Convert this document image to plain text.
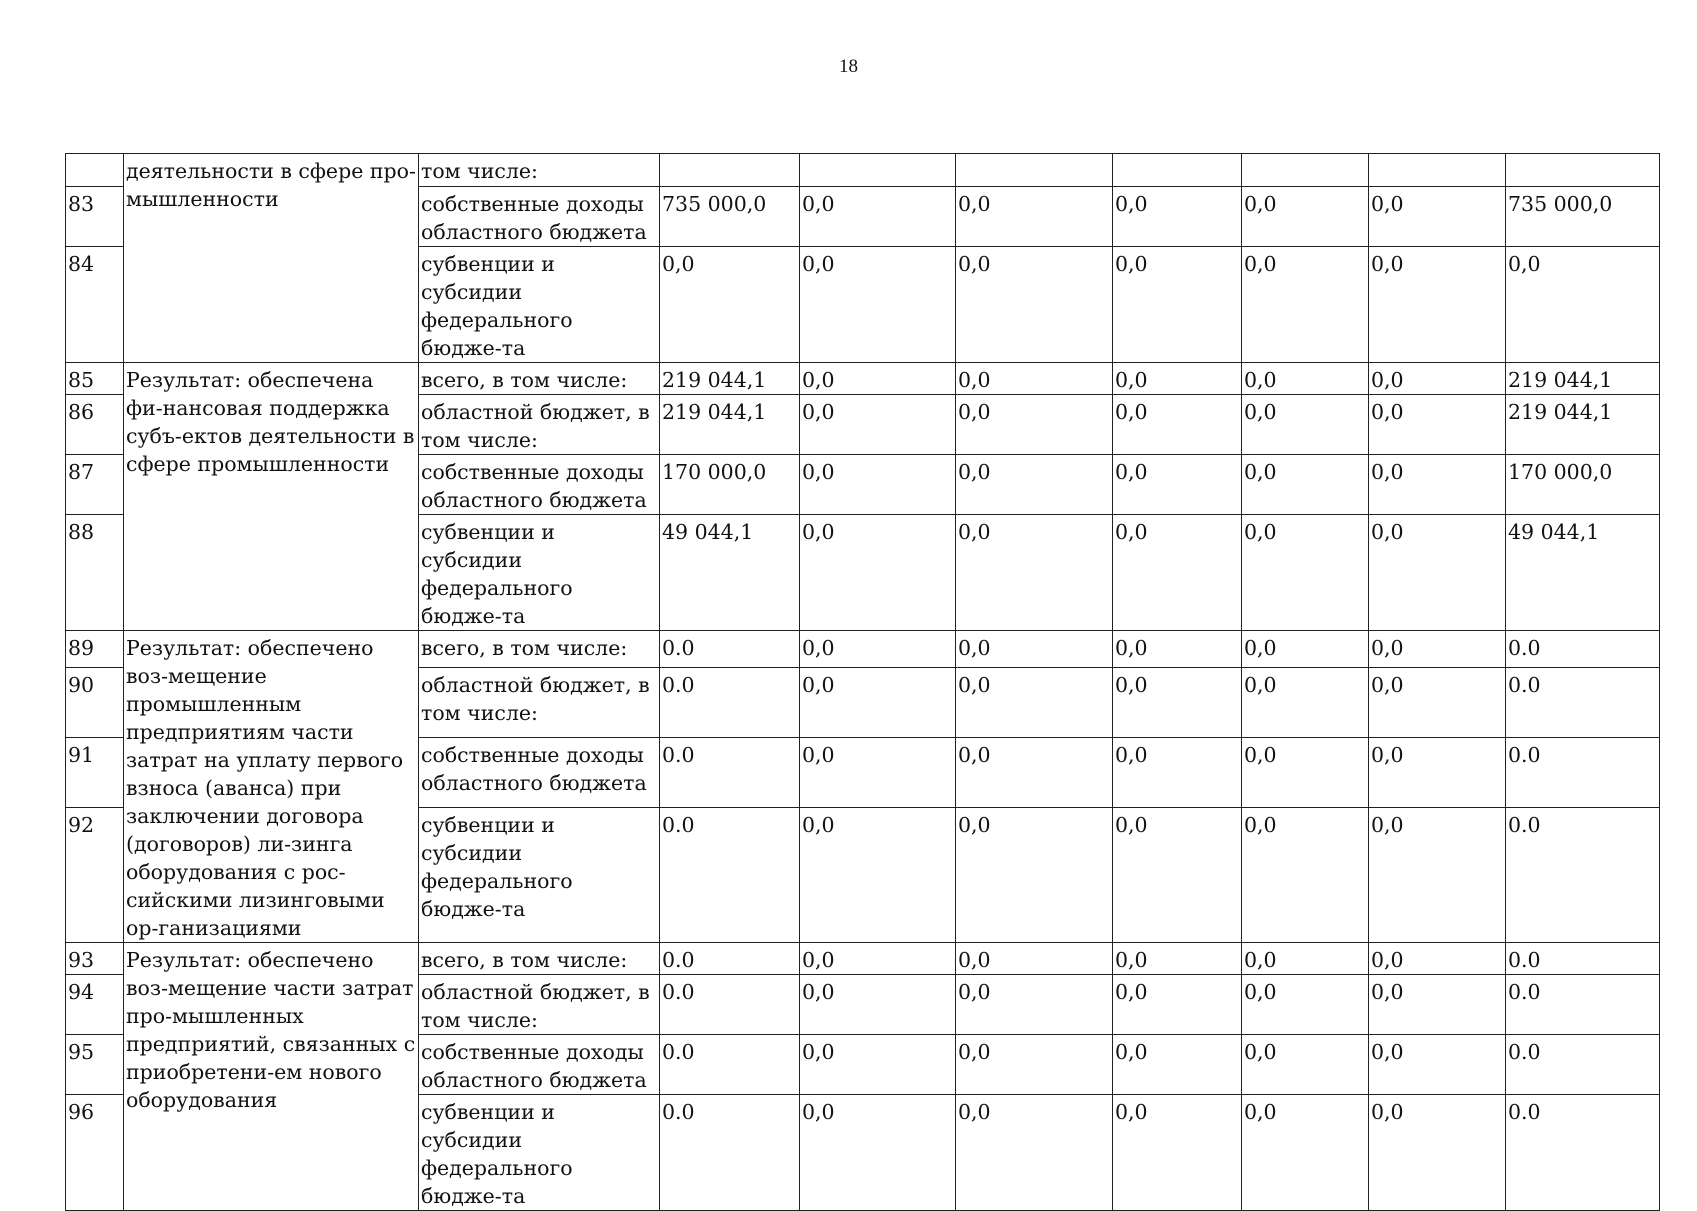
18
	деятельности в сфере про-мышленности	том числе:							
83		собственные доходы областного бюджета	735 000,0	0,0	0,0	0,0	0,0	0,0	735 000,0
84		субвенции и субсидии федерального бюдже-та	0,0	0,0	0,0	0,0	0,0	0,0	0,0
85	Результат: обеспечена фи-нансовая поддержка субъ-ектов деятельности в сфере промышленности	всего, в том числе:	219 044,1	0,0	0,0	0,0	0,0	0,0	219 044,1
86		областной бюджет, в том числе:	219 044,1	0,0	0,0	0,0	0,0	0,0	219 044,1
87		собственные доходы областного бюджета	170 000,0	0,0	0,0	0,0	0,0	0,0	170 000,0
88		субвенции и субсидии федерального бюдже-та	49 044,1	0,0	0,0	0,0	0,0	0,0	49 044,1
89	Результат: обеспечено воз-мещение промышленным предприятиям части затрат на уплату первого взноса (аванса) при заключении договора (договоров) ли-зинга оборудования с рос-сийскими лизинговыми ор-ганизациями	всего, в том числе:	0.0	0,0	0,0	0,0	0,0	0,0	0.0
90		областной бюджет, в том числе:	0.0	0,0	0,0	0,0	0,0	0,0	0.0
91		собственные доходы областного бюджета	0.0	0,0	0,0	0,0	0,0	0,0	0.0
92		субвенции и субсидии федерального бюдже-та	0.0	0,0	0,0	0,0	0,0	0,0	0.0
93	Результат: обеспечено воз-мещение части затрат про-мышленных предприятий, связанных с приобретени-ем нового оборудования	всего, в том числе:	0.0	0,0	0,0	0,0	0,0	0,0	0.0
94		областной бюджет, в том числе:	0.0	0,0	0,0	0,0	0,0	0,0	0.0
95		собственные доходы областного бюджета	0.0	0,0	0,0	0,0	0,0	0,0	0.0
96		субвенции и субсидии федерального бюдже-та	0.0	0,0	0,0	0,0	0,0	0,0	0.0
